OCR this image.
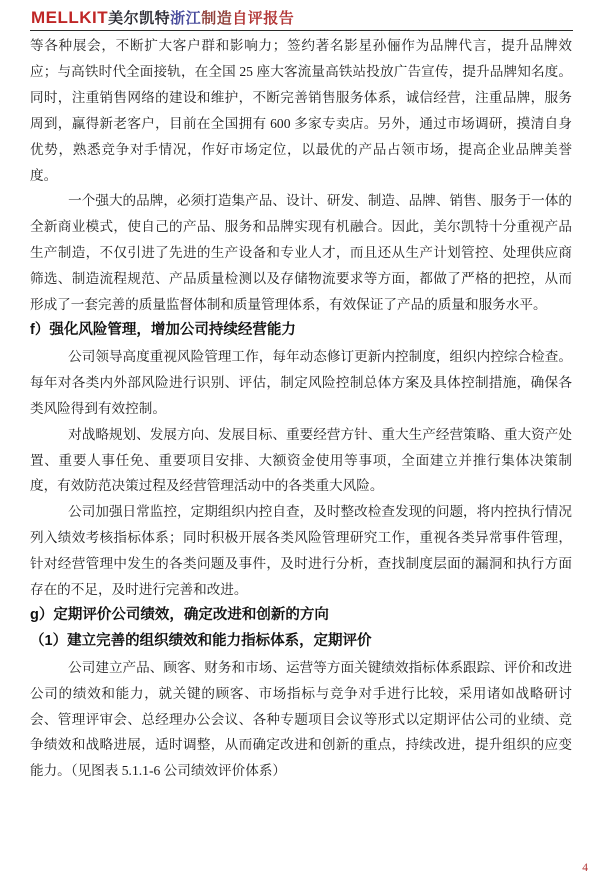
MELLKIT美尔凯特浙江制造自评报告

等各种展会，不断扩大客户群和影响力；签约著名影星孙俪作为品牌代言，提升品牌效应；与高铁时代全面接轨，在全国 25 座大客流量高铁站投放广告宣传，提升品牌知名度。同时，注重销售网络的建设和维护，不断完善销售服务体系，诚信经营，注重品牌，服务周到，赢得新老客户，目前在全国拥有 600 多家专卖店。另外，通过市场调研，摸清自身优势，熟悉竞争对手情况，作好市场定位，以最优的产品占领市场，提高企业品牌美誉度。

一个强大的品牌，必须打造集产品、设计、研发、制造、品牌、销售、服务于一体的全新商业模式，使自己的产品、服务和品牌实现有机融合。因此，美尔凯特十分重视产品生产制造，不仅引进了先进的生产设备和专业人才，而且还从生产计划管控、处理供应商筛选、制造流程规范、产品质量检测以及存储物流要求等方面，都做了严格的把控，从而形成了一套完善的质量监督体制和质量管理体系，有效保证了产品的质量和服务水平。

f）强化风险管理，增加公司持续经营能力

公司领导高度重视风险管理工作，每年动态修订更新内控制度，组织内控综合检查。每年对各类内外部风险进行识别、评估，制定风险控制总体方案及具体控制措施，确保各类风险得到有效控制。

对战略规划、发展方向、发展目标、重要经营方针、重大生产经营策略、重大资产处置、重要人事任免、重要项目安排、大额资金使用等事项，全面建立并推行集体决策制度，有效防范决策过程及经营管理活动中的各类重大风险。

公司加强日常监控，定期组织内控自查，及时整改检查发现的问题，将内控执行情况列入绩效考核指标体系；同时积极开展各类风险管理研究工作，重视各类异常事件管理，针对经营管理中发生的各类问题及事件，及时进行分析，查找制度层面的漏洞和执行方面存在的不足，及时进行完善和改进。

g）定期评价公司绩效，确定改进和创新的方向
（1）建立完善的组织绩效和能力指标体系，定期评价

公司建立产品、顾客、财务和市场、运营等方面关键绩效指标体系跟踪、评价和改进公司的绩效和能力，就关键的顾客、市场指标与竞争对手进行比较，采用诸如战略研讨会、管理评审会、总经理办公会议、各种专题项目会议等形式以定期评估公司的业绩、竞争绩效和战略进展，适时调整，从而确定改进和创新的重点，持续改进，提升组织的应变能力。（见图表 5.1.1-6 公司绩效评价体系）

4
